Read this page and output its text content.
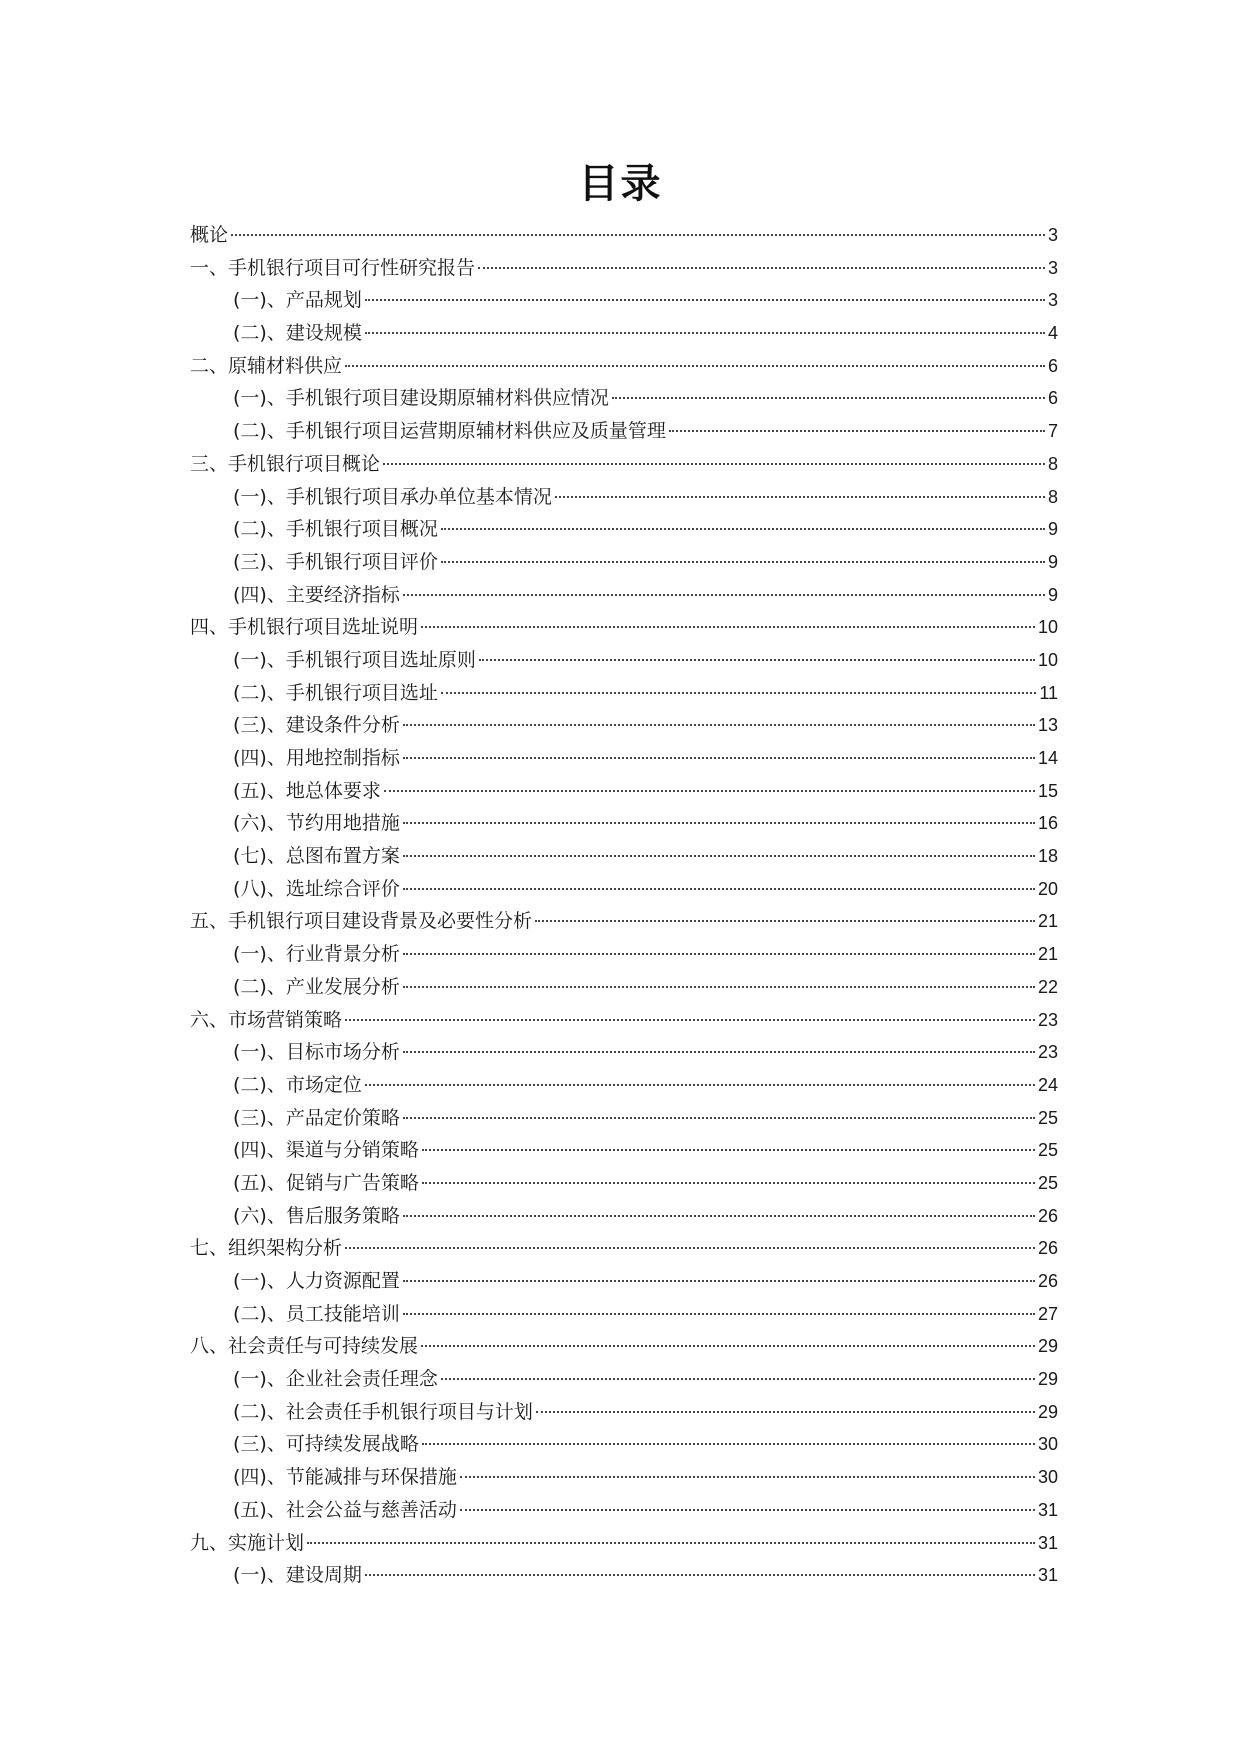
目录
概论	3
一、手机银行项目可行性研究报告	3
(一)、产品规划	3
(二)、建设规模	4
二、原辅材料供应	6
(一)、手机银行项目建设期原辅材料供应情况	6
(二)、手机银行项目运营期原辅材料供应及质量管理	7
三、手机银行项目概论	8
(一)、手机银行项目承办单位基本情况	8
(二)、手机银行项目概况	9
(三)、手机银行项目评价	9
(四)、主要经济指标	9
四、手机银行项目选址说明	10
(一)、手机银行项目选址原则	10
(二)、手机银行项目选址	11
(三)、建设条件分析	13
(四)、用地控制指标	14
(五)、地总体要求	15
(六)、节约用地措施	16
(七)、总图布置方案	18
(八)、选址综合评价	20
五、手机银行项目建设背景及必要性分析	21
(一)、行业背景分析	21
(二)、产业发展分析	22
六、市场营销策略	23
(一)、目标市场分析	23
(二)、市场定位	24
(三)、产品定价策略	25
(四)、渠道与分销策略	25
(五)、促销与广告策略	25
(六)、售后服务策略	26
七、组织架构分析	26
(一)、人力资源配置	26
(二)、员工技能培训	27
八、社会责任与可持续发展	29
(一)、企业社会责任理念	29
(二)、社会责任手机银行项目与计划	29
(三)、可持续发展战略	30
(四)、节能减排与环保措施	30
(五)、社会公益与慈善活动	31
九、实施计划	31
(一)、建设周期	31
